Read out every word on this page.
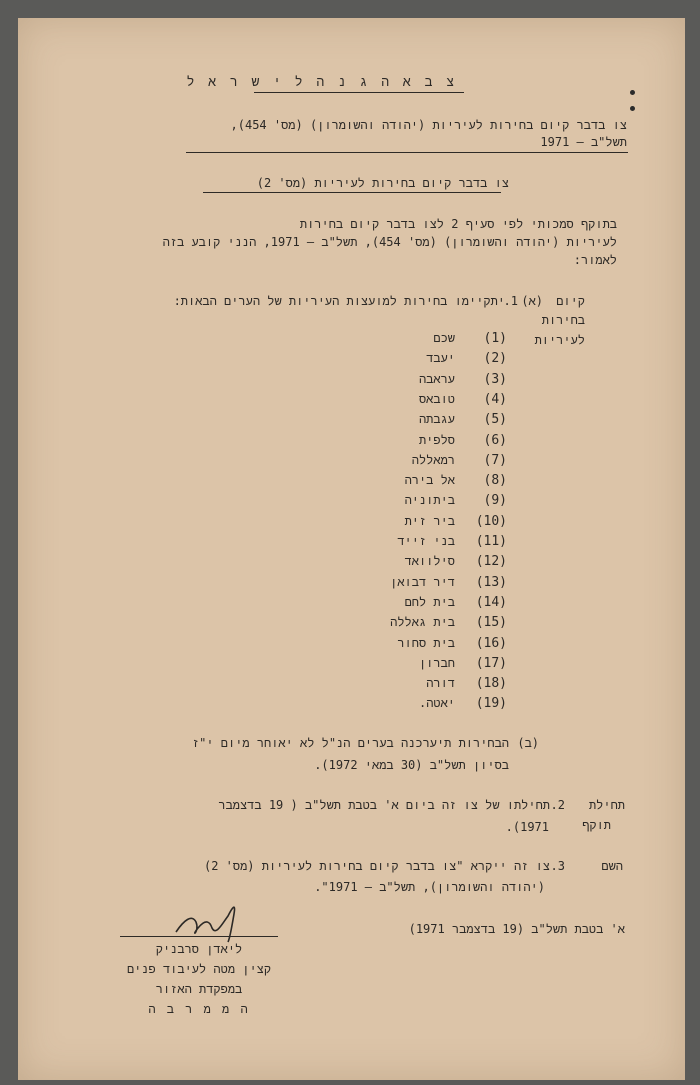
צ ב א ה ג נ ה ל י ש ר א ל
צו בדבר קיום בחירות לעיריות (יהודה והשומרון) (מס' 454),
תשל"ב – 1971
צו בדבר קיום בחירות לעיריות (מס' 2)
בתוקף סמכותי לפי סעיף 2 לצו בדבר קיום בחירות
לעיריות (יהודה והשומרון) (מס' 454), תשל"ב – 1971, הנני קובע בזה
לאמור:
קיום
בחירות
לעיריות
1. (א)
יתקיימו בחירות למועצות העיריות של הערים הבאות:
(1)
שכם
(2)
יעבד
(3)
עראבה
(4)
טובאס
(5)
עגבתה
(6)
סלפית
(7)
רמאללה
(8)
אל בירה
(9)
ביתוניה
(10)
ביר זית
(11)
בני זייד
(12)
סילוואד
(13)
דיר דבואן
(14)
בית לחם
(15)
בית גאללה
(16)
בית סחור
(17)
חברון
(18)
דורה
(19)
יאטה.
(ב)
הבחירות תיערכנה בערים הנ"ל לא יאוחר מיום י"ז
בסיון תשל"ב (30 במאי 1972).
תחילת
תוקף
2.
תחילתו של צו זה ביום א' בטבת תשל"ב ( 19 בדצמבר
1971).
השם
3.
צו זה ייקרא "צו בדבר קיום בחירות לעיריות (מס' 2)
(יהודה והשומרון), תשל"ב – 1971".
א' בטבת תשל"ב (19 בדצמבר 1971)
ליאדן סרבניק
קצין מטה לעיבוד פנים
במפקדת האזור
ה מ מ ר ב ה
